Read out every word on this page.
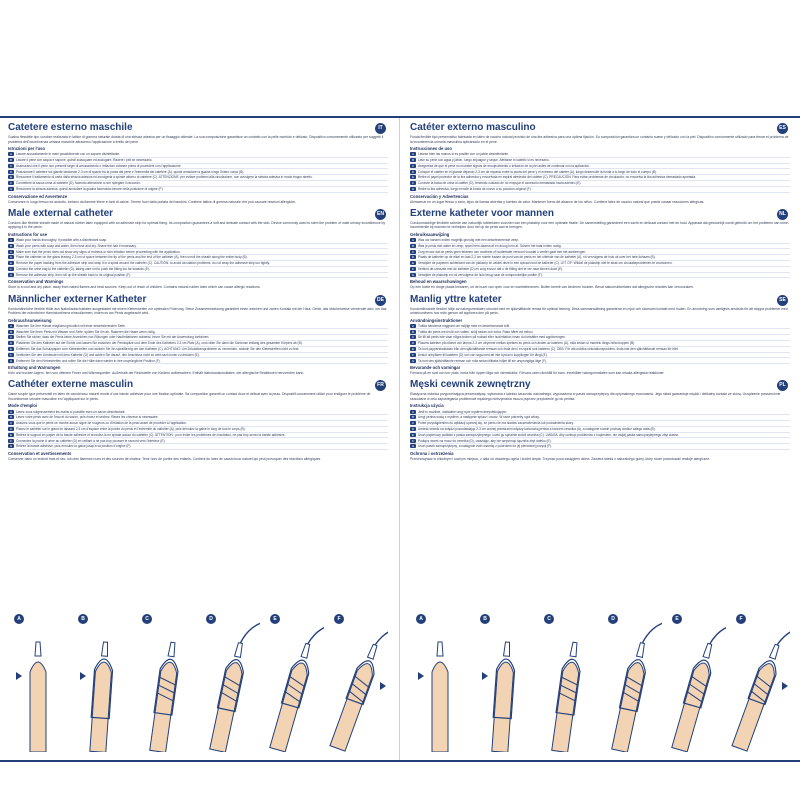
Catetere esterno maschile	IT

Guaina flessibile tipo condom realizzata in lattice di gomma naturale dotata di una striscia adesiva per un fissaggio ottimale. La sua composizione garantisce un contatto con la pelle morbido e delicato. Dispositivo comunemente utilizzato per soggetti il problema dell'incontinenza urinaria maschile attraverso l'applicazione a livello del pene.

Istruzioni per l'uso
A	Lavare accuratamente le mani possibilmente con un sapone disinfettante.
B	Lavare il pene con acqua e sapone, quindi sciacquare ed asciugare. Radere i peli se necessario.
C	Assicurarsi che il pene non presenti segni di arrossamento o irritazioni cutanee prima di procedere con l'applicazione.
D	Posizionare il catetere sul glande lasciando 2-3 cm di spazio tra la punta del pene e l'estremità del catetere (A), quindi arrotolare la guaina lungo l'intero corpo (B).
E	Rimuovere il trattamento di carta dalla striscia adesiva ed avvolgerla a spirale attorno al catetere (C). ATTENZIONE: per evitare problemi alla circolazione, non avvolgere la striscia adesiva in modo troppo stretto.
F	Connettere la sacca urina al catetere (D), facendo attenzione a non ripiegare il raccordo.
G	Rimuovere la striscia adesiva, quindi arrotolare la guaina facendola tornare nella posizione di origine (F).
Conservazione ed Avvertenze

Conservare in luogo fresco ed asciutto, lontano da fiamme libere e fonti di calore. Tenere fuori dalla portata dei bambini. Contiene lattice di gomma naturale che può causare reazioni allergiche.

Male external catheter	EN

Condom-like flexible sheath made of natural rubber latex equipped with an adhesive strip for optimal fixing. Its composition guarantees a soft and delicate contact with the skin. Device commonly used to stem the problem of male urinary incontinence by applying it to the penis.

Instructions for use
A	Wash your hands thoroughly, if possible with a disinfectant soap.
B	Wash your penis with soap and water, then rinse and dry. Shave the hair if necessary.
C	Make sure that the penis does not show any signs of redness or skin irritation before proceeding with the application.
D	Place the catheter on the glans leaving 2-3 cm of space between the tip of the penis and the end of the catheter (A), then unroll the sheath along the entire body (B).
E	Remove the paper backing from the adhesive strip and wrap it in a spiral around the catheter (C). CAUTION: to avoid circulation problems, do not wrap the adhesive strip too tightly.
F	Connect the urine bag to the catheter (D), taking care not to push the fitting too far towards (E).
G	Remove the adhesive strip, then roll up the sheath back to its original position (F).
Conservation and Warnings

Store in a cool and dry place, away from naked flames and heat sources. Keep out of reach of children. Contains natural rubber latex which can cause allergic reactions.

Männlicher externer Katheter	DE

Kondomähnliche flexible Hülle aus Naturkautschuklatex ausgestattet mit einem Klebestreifen zur optimalen Fixierung. Seine Zusammensetzung garantiert einen weichen und zarten Kontakt mit der Haut. Gerät, das üblicherweise verwendet wird, um das Problem der männlichen Harninkontinenz einzudämmen, indem es am Penis angebracht wird.

Gebrauchsanweisung
A	Waschen Sie Ihre Hände möglichst gründlich mit einer desinfizierenden Seife.
B	Waschen Sie Ihren Penis mit Wasser und Seife, spülen Sie ihn ab. Rasieren die Haare wenn nötig.
C	Stellen Sie sicher, dass der Penis keine Anzeichen von Rötungen oder Hautirritationen aufweist, bevor Sie mit der Anwendung fortfahren.
D	Platzieren Sie den Katheter auf der Eichel und lassen Sie zwischen der Penisspitze und dem Ende des Katheters 2-3 cm Platz (A), und rollen Sie dann die Schleuse entlang des gesamten Körpers ab (B).
E	Entfernen Sie das Schutzpapier vom Klebestreifen und wickeln Sie ihn spiralförmig um den Katheter (C). ACHTUNG: Um Zirkulationsprobleme zu vermeiden, wickeln Sie den Klebestreifen nicht zu fest.
F	Verbinden Sie den Urinbeutel mit dem Katheter (D) und achten Sie darauf, den Anschluss nicht zu weit nach innen zu drücken (E).
G	Entfernen Sie den Klebestreifen und rollen Sie die Hülle dann wieder in ihre ursprüngliche Position (F).
Erhaltung und Warnungen

Kühl und trocken lagern, fern von offenem Feuer und Wärmequellen. Außerhalb der Reichweite von Kindern aufbewahren. Enthält Naturkautschuklatex, der allergische Reaktionen hervorrufen kann.

Cathéter externe masculin	FR

Gaine souple type préservatif en latex de caoutchouc naturel munie d'une bande adhésive pour une fixation optimale. Sa composition garantit un contact doux et délicat avec la peau. Dispositif couramment utilisé pour endiguer le problème de l'incontinence urinaire masculine en l'appliquant sur le pénis.

Mode d'emploi
A	Lavez-vous soigneusement les mains si possible avec un savon désinfectant.
B	Lavez votre pénis avec de l'eau et du savon, puis rincez et séchez. Rasez les cheveux si nécessaire.
C	Assurez-vous que le pénis ne montre aucun signe de rougeurs ou d'irritation de la peau avant de procéder à l'application.
D	Placez le cathéter sur le gland en laissant 2-3 cm d'espace entre la pointe du pénis et l'extrémité du cathéter (A), puis déroulez la gaine le long de tout le corps (B).
E	Retirez le support en papier de la bande adhésive et enroulez-la en spirale autour du cathéter (C). ATTENTION : pour éviter les problèmes de circulation, ne pas trop serrer la bande adhésive.
F	Connectez la poche à urine au cathéter (D) en veillant à ne pas trop pousser le raccord vers l'intérieur (E).
G	Retirez la bande adhésive, puis enroulez la gaine jusqu'à sa position d'origine (F).
Conservation et avertissements

Conserver dans un endroit frais et sec, loin des flammes nues et des sources de chaleur. Tenir hors de portée des enfants. Contient du latex de caoutchouc naturel qui peut provoquer des réactions allergiques.

Catéter externo masculino	ES

Funda flexible tipo preservativo fabricada en látex de caucho natural provisto de una tira adhesiva para una óptima fijación. Su composición garantiza un contacto suave y delicado con la piel. Dispositivo comúnmente utilizado para frenar el problema de la incontinencia urinaria masculina aplicándolo en el pene.

Instrucciones de uso
A	Lávese bien las manos si es posible con un jabón desinfectante.
B	Lave su pene con agua y jabón, luego enjuague y seque. Afeitarse el cabello si es necesario.
C	Asegúrese de que el pene no muestre signos de enrojecimiento o irritación de la piel antes de continuar con la aplicación.
D	Coloque el catéter en el glande dejando 2-3 cm de espacio entre la punta del pene y el extremo del catéter (A), luego desenrolle la funda a lo largo de todo el cuerpo (B).
E	Retire el papel protector de la tira adhesiva y envuélvala en espiral alrededor del catéter (C). PRECAUCIÓN: Para evitar problemas de circulación, no envuelva la tira adhesiva demasiado apretada.
F	Conecte la bolsa de orina al catéter (D), teniendo cuidado de no empujar el accesorio demasiado hacia adentro (E).
G	Retire la tira adhesiva, luego enrolle la funda de nuevo a su posición original (F).
Conservación y Advertencias

Almacenar en un lugar fresco y seco, lejos de llamas abiertas y fuentes de calor. Mantener fuera del alcance de los niños. Contiene látex de caucho natural que puede causar reacciones alérgicas.

Externe katheter voor mannen	NL

Condoomachtige flexibele schede van natuurlijk rubberlatex voorzien van een plakstrip voor een optimale fixatie. De samenstelling garandeert een zacht en delicaat contact met de huid. Apparaat dat gewoonlijk wordt gebruikt om het probleem van urine-incontinentie bij mannen te verhelpen door het op de penis aan te brengen.

Gebruiksaanwijzing
A	Was uw handen indien mogelijk grondig met een desinfecterende zeep.
B	Was je penis met water en zeep, spoel hem daarna af en droog hem af. Scheer het haar indien nodig.
C	Zorg ervoor dat de penis geen tekenen van roodheid of huidirritatie vertoont voordat u verder gaat met het aanbrengen.
D	Plaats de katheter op de eikel en laat 2-3 cm ruimte tussen de punt van de penis en het uiteinde van de katheter (A), rol vervolgens de huls uit over het hele lichaam (B).
E	Verwijder de papieren achterkant van de plakstrip en wikkel deze in een spiraal rond de katheter (C). LET OP: Wikkel de plakstrip niet te strak om circulatieproblemen te voorkomen.
F	Verbind de urinezak met de katheter (D) en zorg ervoor dat u de fitting niet te ver naar binnen duwt (E).
G	Verwijder de plakstrip en rol vervolgens de huls terug naar de oorspronkelijke positie (F).
Behoud en waarschuwingen

Op een koele en droge plaats bewaren, uit de buurt van open vuur en warmtebronnen. Buiten bereik van kinderen houden. Bevat natuurrubberlatex dat allergische reacties kan veroorzaken.

Manlig yttre kateter	SE

Kondomliknande flexibel hölje av naturgummilatex utrustat med en självhäftande remsa för optimal fixering. Dess sammansättning garanterar en mjuk och skonsam kontakt med huden. En anordning som vanligtvis används för att stoppa problemet med urininkontinens hos män genom att applicera den på penis.

Användningsinstruktioner
A	Tvätta händerna noggrant om möjligt med en desinficerande tvål.
B	Tvätta din penis med tvål och vatten, skölj sedan och torka. Raka håret vid behov.
C	Se till att penis inte visar några tecken på rodnad eller hudirritation innan du fortsätter med appliceringen.
D	Placera katetern på ollonet och lämna 2-3 cm utrymme mellan spetsen av penis och änden av katetern (A), rulla sedan ut manteln längs hela kroppen (B).
E	Ta bort pappersbaksidan från den självhäftande remsan och linda den i en spiral runt katetern (C). OBS: För att undvika cirkulationsproblem, linda inte den självhäftande remsan för hårt.
F	Anslut urinpåsen till katetern (D) och var noga med att inte trycka in kopplingen för långt (E).
G	Ta bort den självhäftande remsan och rulla sedan tillbaka höljet till sin ursprungliga läge (F).
Bevarande och varningar

Förvara på en sval och torr plats, borta från öppen låga och värmekällor. Förvara utom räckhåll för barn. Innehåller naturgummilatex som kan orsaka allergiska reaktioner.

Męski cewnik zewnętrzny	PL

Elastyczna osłonka przypominająca prezerwatywę, wykonana z lateksu kauczuku naturalnego, wyposażona w pasek samoprzylepny dla optymalnego mocowania. Jego skład gwarantuje miękki i delikatny kontakt ze skórą. Urządzenie powszechnie stosowane w celu zapobiegania problemowi męskiego nietrzymania moczu poprzez przyłożenie go do penisa.

Instrukcja użycia
A	Jeśli to możliwe, dokładnie umyj ręce mydłem dezynfekującym.
B	Umyj penisa wodą z mydłem, a następnie spłucz i osusz. W razie potrzeby ogol włosy.
C	Przed przystąpieniem do aplikacji upewnij się, że penis nie ma śladów zaczerwienienia lub podrażnienia skóry.
D	Umieść cewnik na żołędzi pozostawiając 2-3 cm wolnej przestrzeni między końcówką penisa a końcem cewnika (A), a następnie rozwiń pochwę wzdłuż całego ciała (B).
E	Usuń papierowy podkład z paska samoprzylepnego i owiń go spiralnie wokół cewnika (C). UWAGA: Aby uniknąć problemów z krążeniem, nie owijaj paska samoprzylepnego zbyt ciasno.
F	Podłącz worek na mocz do cewnika (D), uważając, aby nie wepchnąć łącznika zbyt daleko (E).
G	Usuń pasek samoprzylepny, a następnie zwiń osłonkę z powrotem do jej pierwotnej pozycji (F).
Ochrona i ostrzeżenia

Przechowywać w chłodnym i suchym miejscu, z dala od otwartego ognia i źródeł ciepła. Trzymać poza zasięgiem dzieci. Zawiera lateks z naturalnego gumy, który może powodować reakcje alergiczne.

A	B	C	D	E	F	A	B	C	D	E	F
